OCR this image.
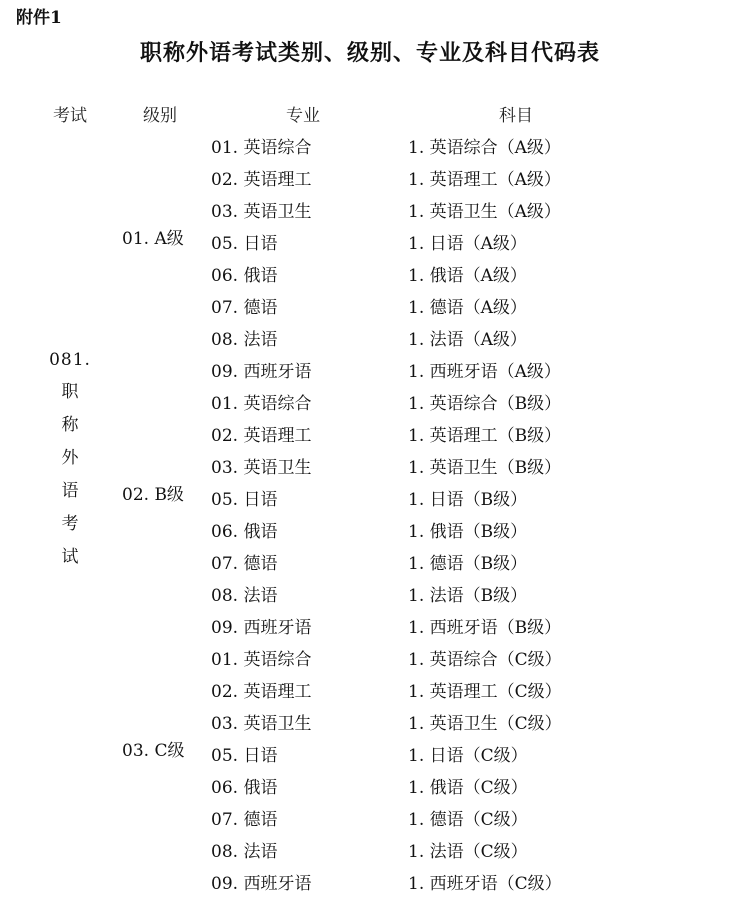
附件1
职称外语考试类别、级别、专业及科目代码表
考试	级别	专业	科目
081.
职
称
外
语
考
试
01. A级
01. 英语综合	1. 英语综合（A级）
02. 英语理工	1. 英语理工（A级）
03. 英语卫生	1. 英语卫生（A级）
05. 日语	1. 日语（A级）
06. 俄语	1. 俄语（A级）
07. 德语	1. 德语（A级）
08. 法语	1. 法语（A级）
09. 西班牙语	1. 西班牙语（A级）
02. B级
01. 英语综合	1. 英语综合（B级）
02. 英语理工	1. 英语理工（B级）
03. 英语卫生	1. 英语卫生（B级）
05. 日语	1. 日语（B级）
06. 俄语	1. 俄语（B级）
07. 德语	1. 德语（B级）
08. 法语	1. 法语（B级）
09. 西班牙语	1. 西班牙语（B级）
03. C级
01. 英语综合	1. 英语综合（C级）
02. 英语理工	1. 英语理工（C级）
03. 英语卫生	1. 英语卫生（C级）
05. 日语	1. 日语（C级）
06. 俄语	1. 俄语（C级）
07. 德语	1. 德语（C级）
08. 法语	1. 法语（C级）
09. 西班牙语	1. 西班牙语（C级）
